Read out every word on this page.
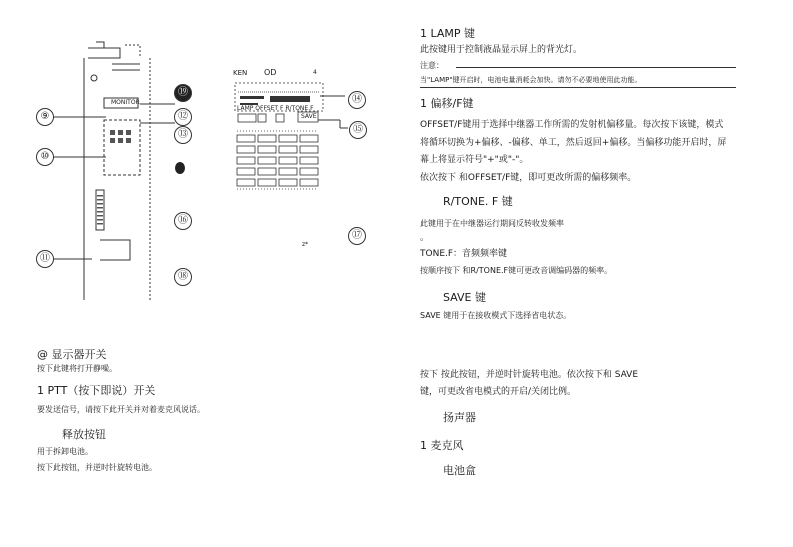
⑨
⑩
⑪
⑲
⑫
⑬
⑯
⑱
⑭
⑮
⑰
KEN OD	4
MONITOR
LAMP OFFSET F R/TONE.F
SAVE
z*
@ 显示器开关
按下此键将打开静噪。
1 PTT（按下即说）开关
要发送信号，请按下此开关并对着麦克风说话。
释放按钮
用于拆卸电池。
按下此按钮，并逆时针旋转电池。
1 LAMP 键
此按键用于控制液晶显示屏上的背光灯。
注意：
当"LAMP"键开启时，电池电量消耗会加快。请勿不必要地使用此功能。
1 偏移/F键
OFFSET/F键用于选择中继器工作所需的发射机偏移量。每次按下该键，模式
将循环切换为+偏移、-偏移、单工，然后返回+偏移。当偏移功能开启时，屏
幕上将显示符号"+"或"-"。
依次按下 和OFFSET/F键，即可更改所需的偏移频率。
R/TONE. F 键
此键用于在中继器运行期间反转收发频率
。
TONE.F：音频频率键
按顺序按下 和R/TONE.F键可更改音调编码器的频率。
SAVE 键
SAVE 键用于在接收模式下选择省电状态。
按下 按此按钮，并逆时针旋转电池。依次按下和 SAVE
键，可更改省电模式的开启/关闭比例。
扬声器
1 麦克风
电池盒
